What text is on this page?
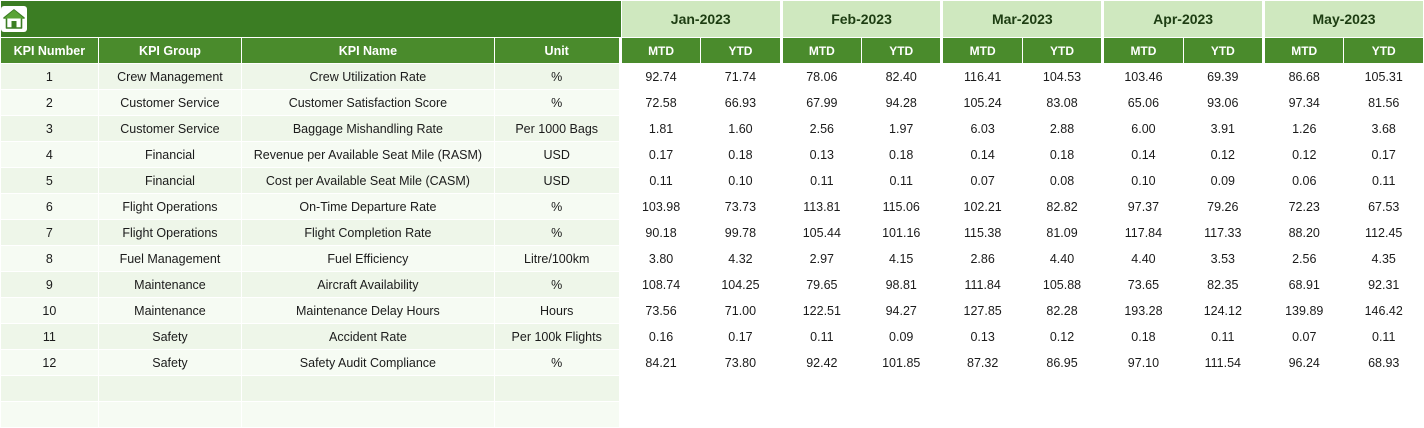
	Jan-2023			Feb-2023			Mar-2023			Apr-2023			May-2023	
KPI Number	KPI Group	KPI Name	Unit		MTD	YTD		MTD	YTD		MTD	YTD		MTD	YTD		MTD	YTD
1	Crew Management	Crew Utilization Rate	%		92.74	71.74		78.06	82.40		116.41	104.53		103.46	69.39		86.68	105.31
2	Customer Service	Customer Satisfaction Score	%		72.58	66.93		67.99	94.28		105.24	83.08		65.06	93.06		97.34	81.56
3	Customer Service	Baggage Mishandling Rate	Per 1000 Bags		1.81	1.60		2.56	1.97		6.03	2.88		6.00	3.91		1.26	3.68
4	Financial	Revenue per Available Seat Mile (RASM)	USD		0.17	0.18		0.13	0.18		0.14	0.18		0.14	0.12		0.12	0.17
5	Financial	Cost per Available Seat Mile (CASM)	USD		0.11	0.10		0.11	0.11		0.07	0.08		0.10	0.09		0.06	0.11
6	Flight Operations	On-Time Departure Rate	%		103.98	73.73		113.81	115.06		102.21	82.82		97.37	79.26		72.23	67.53
7	Flight Operations	Flight Completion Rate	%		90.18	99.78		105.44	101.16		115.38	81.09		117.84	117.33		88.20	112.45
8	Fuel Management	Fuel Efficiency	Litre/100km		3.80	4.32		2.97	4.15		2.86	4.40		4.40	3.53		2.56	4.35
9	Maintenance	Aircraft Availability	%		108.74	104.25		79.65	98.81		111.84	105.88		73.65	82.35		68.91	92.31
10	Maintenance	Maintenance Delay Hours	Hours		73.56	71.00		122.51	94.27		127.85	82.28		193.28	124.12		139.89	146.42
11	Safety	Accident Rate	Per 100k Flights		0.16	0.17		0.11	0.09		0.13	0.12		0.18	0.11		0.07	0.11
12	Safety	Safety Audit Compliance	%		84.21	73.80		92.42	101.85		87.32	86.95		97.10	111.54		96.24	68.93
